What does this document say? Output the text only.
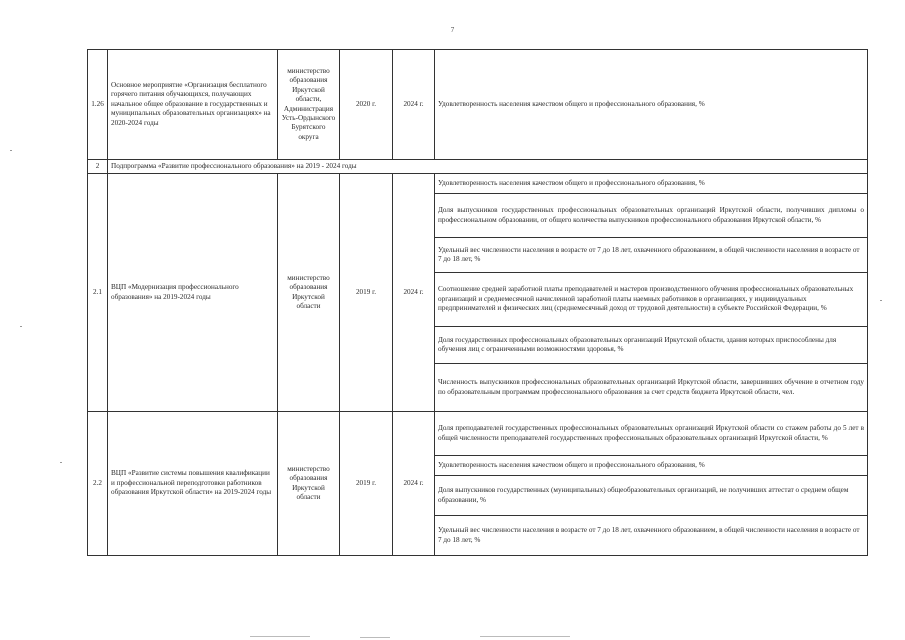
7
1.26	Основное мероприятие «Организация бесплатного горячего питания обучающихся, получающих начальное общее образование в государственных и муниципальных образовательных организациях» на 2020-2024 годы	министерство образования Иркутской области, Администрация Усть-Ордынского Бурятского округа	2020 г.	2024 г.	Удовлетворенность населения качеством общего и профессионального образования, %
2	Подпрограмма «Развитие профессионального образования» на 2019 - 2024 годы				
2.1	ВЦП «Модернизация профессионального образования» на 2019-2024 годы	министерство образования Иркутской области	2019 г.	2024 г.	Удовлетворенность населения качеством общего и профессионального образования, %
					Доля выпускников государственных профессиональных образовательных организаций Иркутской области, получивших дипломы о профессиональном образовании, от общего количества выпускников профессионального образования Иркутской области, %
					Удельный вес численности населения в возрасте от 7 до 18 лет, охваченного образованием, в общей численности населения в возрасте от 7 до 18 лет, %
					Соотношение средней заработной платы преподавателей и мастеров производственного обучения профессиональных образовательных организаций и среднемесячной начисленной заработной платы наемных работников в организациях, у индивидуальных предпринимателей и физических лиц (среднемесячный доход от трудовой деятельности) в субъекте Российской Федерации, %
					Доля государственных профессиональных образовательных организаций Иркутской области, здания которых приспособлены для обучения лиц с ограниченными возможностями здоровья, %
					Численность выпускников профессиональных образовательных организаций Иркутской области, завершивших обучение в отчетном году по образовательным программам профессионального образования за счет средств бюджета Иркутской области, чел.
2.2	ВЦП «Развитие системы повышения квалификации и профессиональной переподготовки работников образования Иркутской области» на 2019-2024 годы	министерство образования Иркутской области	2019 г.	2024 г.	Доля преподавателей государственных профессиональных образовательных организаций Иркутской области со стажем работы до 5 лет в общей численности преподавателей государственных профессиональных образовательных организаций Иркутской области, %
					Удовлетворенность населения качеством общего и профессионального образования, %
					Доля выпускников государственных (муниципальных) общеобразовательных организаций, не получивших аттестат о среднем общем образовании, %
					Удельный вес численности населения в возрасте от 7 до 18 лет, охваченного образованием, в общей численности населения в возрасте от 7 до 18 лет, %
